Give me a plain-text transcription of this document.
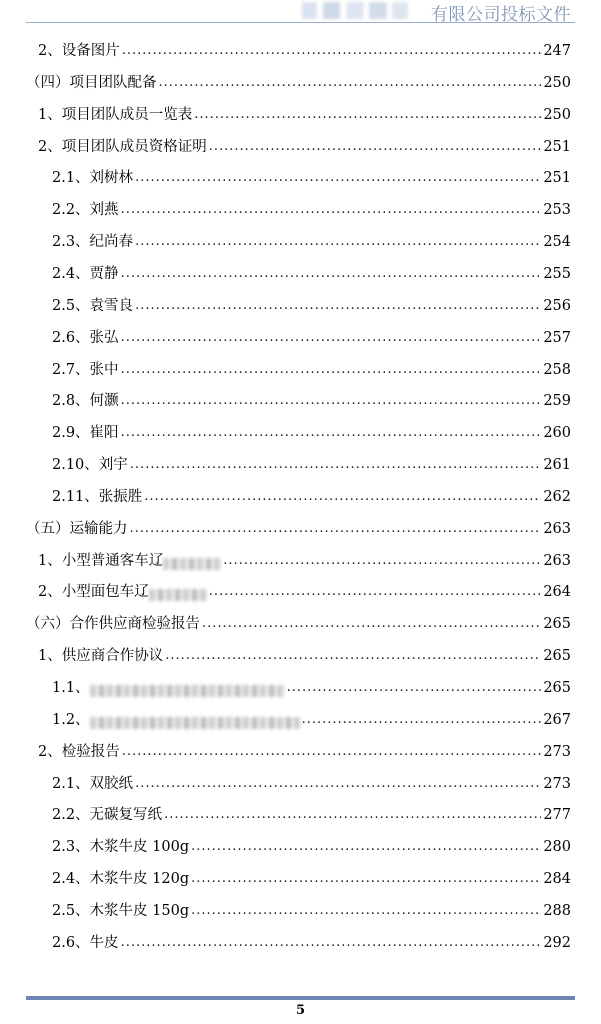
有限公司投标文件
2、设备图片 .....	247
（四）项目团队配备 .....	250
1、项目团队成员一览表 .....	250
2、项目团队成员资格证明 .....	251
2.1、刘树林 .....	251
2.2、刘燕 .....	253
2.3、纪尚春 .....	254
2.4、贾静 .....	255
2.5、袁雪良 .....	256
2.6、张弘 .....	257
2.7、张中 .....	258
2.8、何灏 .....	259
2.9、崔阳 .....	260
2.10、刘宇 .....	261
2.11、张振胜 .....	262
（五）运输能力 .....	263
1、小型普通客车辽 .....	263
2、小型面包车辽 .....	264
（六）合作供应商检验报告 .....	265
1、供应商合作协议 .....	265
1.1、 .....	265
1.2、 .....	267
2、检验报告 .....	273
2.1、双胶纸 .....	273
2.2、无碳复写纸 .....	277
2.3、木浆牛皮 100g .....	280
2.4、木浆牛皮 120g .....	284
2.5、木浆牛皮 150g .....	288
2.6、牛皮 .....	292
5
